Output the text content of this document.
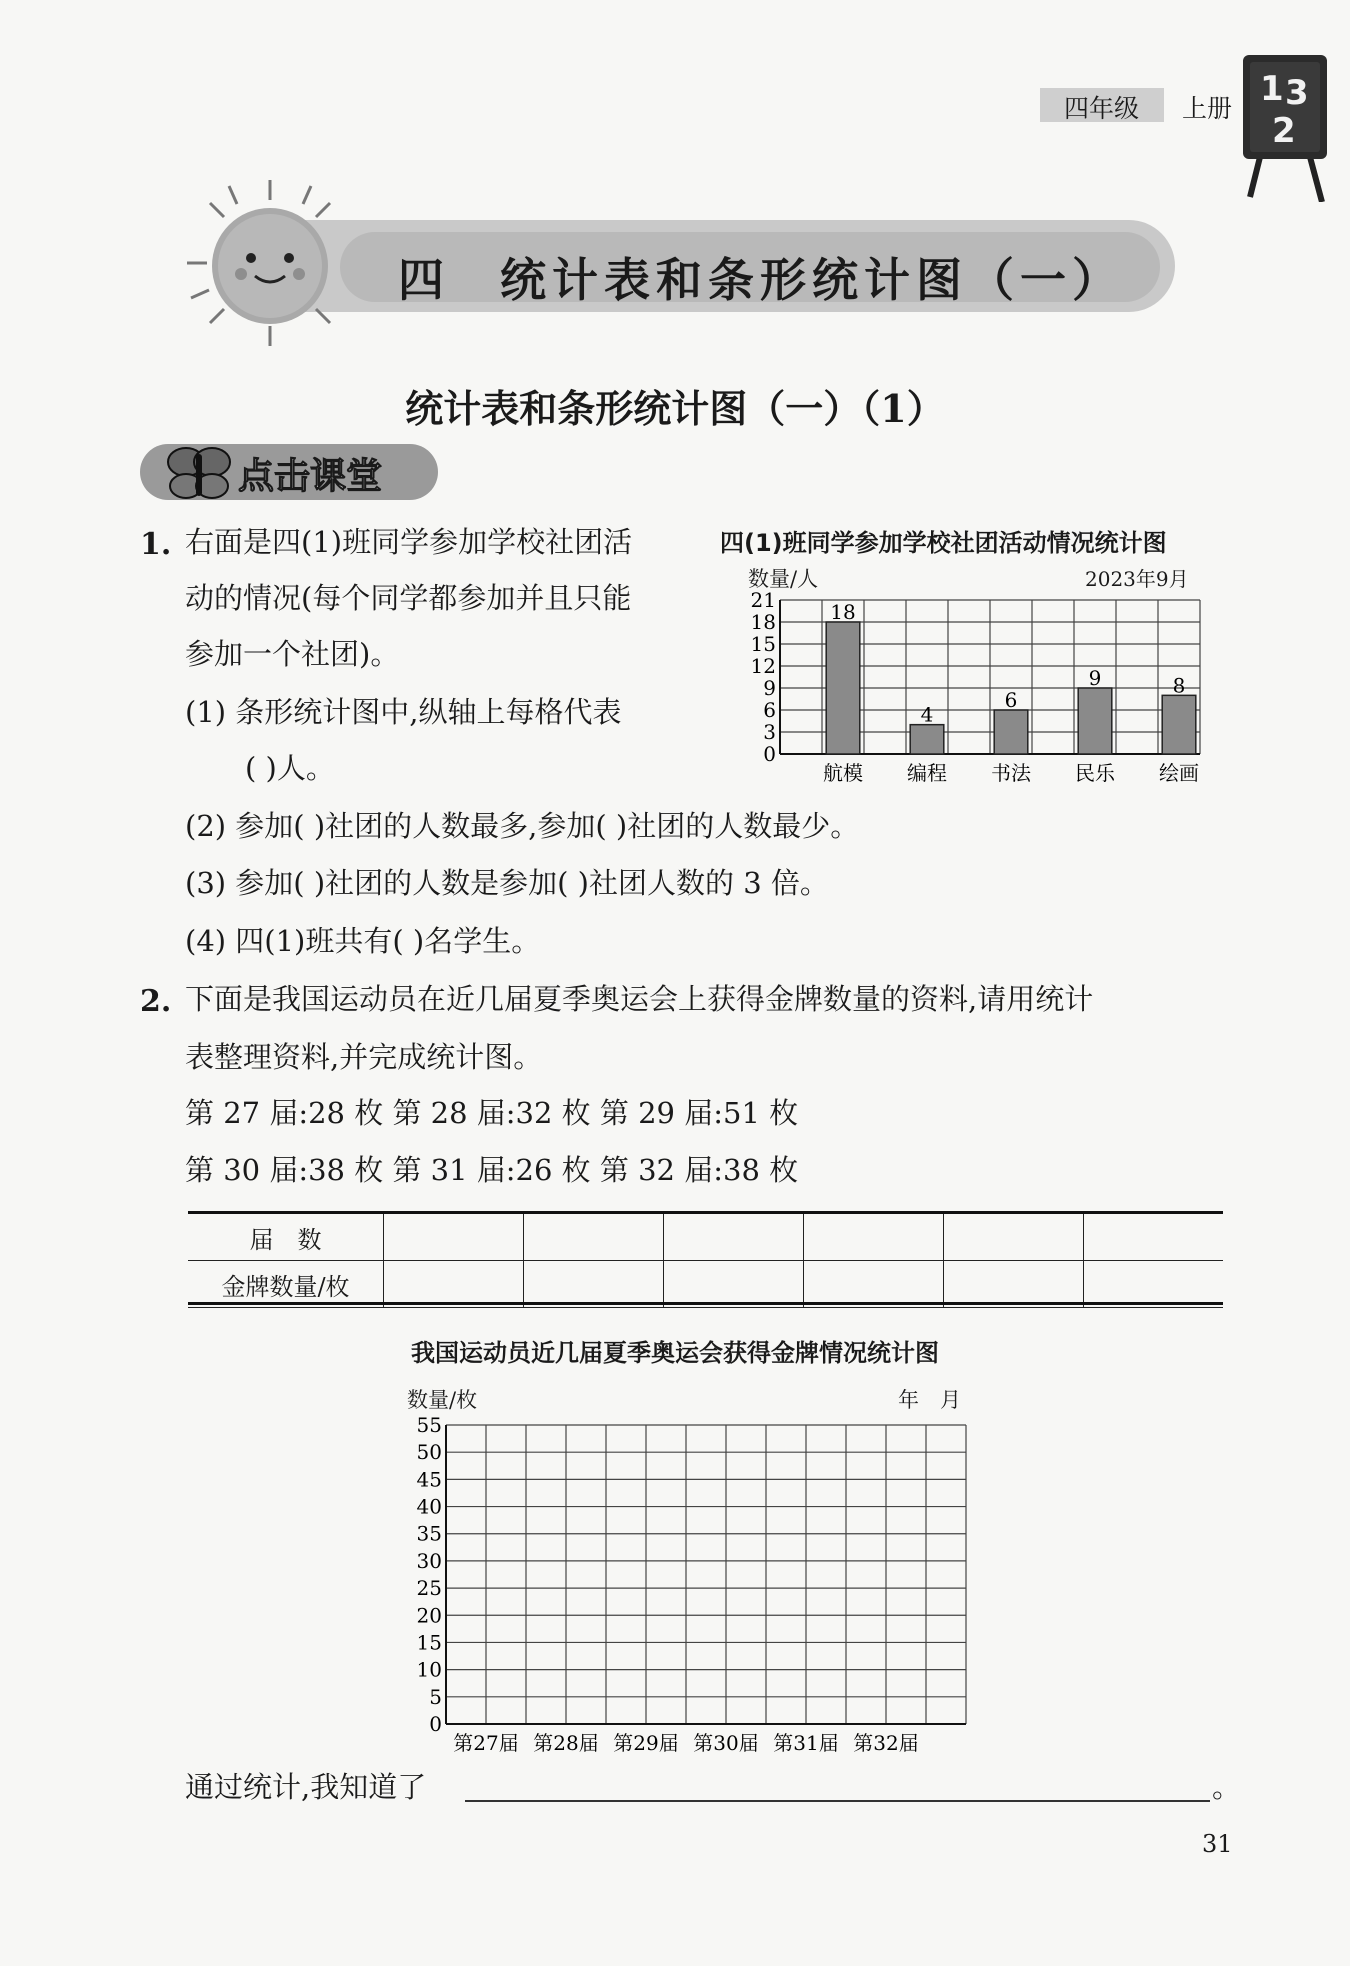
四年级 上册 1 3
2
四 统计表和条形统计图（一）
统计表和条形统计图（一）（1）
点击课堂
1. 右面是四(1)班同学参加学校社团活
动的情况(每个同学都参加并且只能
参加一个社团)。
(1) 条形统计图中,纵轴上每格代表
( )人。
(2) 参加( )社团的人数最多,参加( )社团的人数最少。
(3) 参加( )社团的人数是参加( )社团人数的 3 倍。
(4) 四(1)班共有( )名学生。
四(1)班同学参加学校社团活动情况统计图
数量/人	2023年9月
0
3
6
9
12
15
18
21
航模
18
编程
4
书法
6
民乐
9
绘画
8
2. 下面是我国运动员在近几届夏季奥运会上获得金牌数量的资料,请用统计
表整理资料,并完成统计图。
第 27 届:28 枚 第 28 届:32 枚 第 29 届:51 枚
第 30 届:38 枚 第 31 届:26 枚 第 32 届:38 枚
届　数						
金牌数量/枚						
我国运动员近几届夏季奥运会获得金牌情况统计图
数量/枚	年　月
0
5
10
15
20
25
30
35
40
45
50
55
第27届 第28届 第29届 第30届 第31届 第32届
通过统计,我知道了	。
31
